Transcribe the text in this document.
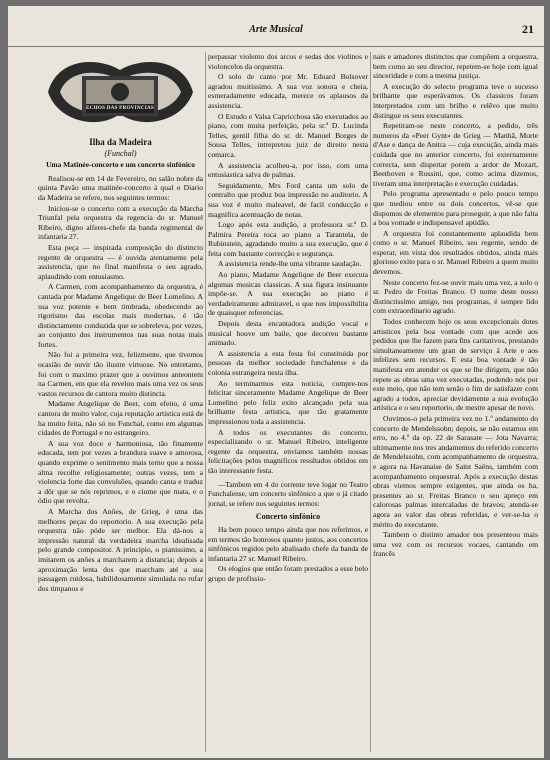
Arte Musical	21
ECHOS DAS PROVINCIAS
Ilha da Madeira
(Funchal)
Uma Matinée-concerto e um concerto sinfónico

Realisou-se em 14 de Fevereiro, no salão nobre da quinta Pavão uma matinée-concerto á qual o Diario da Madeira se refere, nos seguintes termos:

Iniciou-se o concerto com a execução da Marcha Triunfal pela orquestra da regencia do sr. Manuel Ribeiro, digno alferes-chefe da banda regimental de infantaria 27.

Esta peça — inspirada composição do distincto regente de orquestra — é ouvida atentamente pela assistencia, que no final manifesta o seu agrado, aplaudindo com entusiasmo.

A Carmen, com acompanhamento da orquestra, é cantada por Madame Angelique de Beer Lomelino. A sua voz potente e bem timbrada, obedecendo ao rigorismo das escolas mais modernas, é tão distinctamente conduzida que se sobreleva, por vezes, ao conjunto dos instrumentos nas suas notas mais fortes.

Não foi a primeira vez, felizmente, que tivemos ocasião de ouvir tão ilustre virtuose. No entretanto, foi com o maximo prazer que a ouvimos anteontem na Carmen, em que ela revelou mais uma vez os seus vastos recursos de cantora muito distincta.

Madame Angelique de Beer, com efeito, é uma cantora de muito valor, cuja reputação artistica está de ha muito feita, não só no Funchal, como em algumas cidades de Portugal e no estrangeiro.

A sua voz doce e harmoniosa, tão finamente educada, tem por vezes a brandura suave e amorosa, quando exprime o sentimento mais terno que a nossa alma recolhe religiosamente; outras vezes, tem a violencia forte das convulsões, quando canta e traduz a dôr que se nós reprimos, e o ciume que mata, e o ódio que revolta.

A Marcha dos Anões, de Grieg, é uma das melhores peças do reportorio. A sua execução pela orquestra não póde ser melhor. Ela dá-nos a impressão natural da verdadeira marcha idealisada pelo grande compositor. A principio, o pianissimo, a imitarem os anões a marcharem a distancia; depois a aproximação lenta dos que marcham até a sua passagem ruidosa, habilidosamente simulada no rufar dos timpanos e

perpassar violento dos arcos e sedas dos violinos e violoncelos da orquestra.

O solo de canto por Mr. Eduard Bolsover agradou muitissimo. A sua voz sonora e cheia, esmeradamente educada, merece os aplausos da assistencia.

O Estudo e Valsa Capricchosa são executados ao piano, com muita perfeição, pela sr.ª D. Lucinda Telles, gentil filha do sr. dr. Manuel Borges de Sousa Telles, intrepretou juiz de direito nesta comarca.

A assistencia acolheu-a, por isso, com uma entusiastica salva de palmas.

Seguidamente, Mrs Ford canta um solo de contralto que produz boa impressão no auditorio. A sua voz é muito maleavel, de facil conducção e magnifica acentuação de notas.

Logo após esta audição, a professora sr.ª D. Palmira Pereira toca ao piano a Tarantela, de Rubinstein, agradando muito a sua execução, que é feita com bastante correcção e segurança.

A assistencia rende-lhe uma vibrante saudação.

Ao piano, Madame Angelique de Beer executa algumas musicas classicas. A sua figura insinuante impõe-se. A sua execução ao piano é verdadeiramente admiravel, o que nos impossibilita de quaisquer referencias.

Depois desta encantadora audição vocal e musical houve um baile, que decorreu bastante animado.

A assistencia a esta festa foi constituida por pessoas da melhor sociedade funchalense e da colonia estrangeira nesta ilha.

Ao terminarmos esta noticia, cumpre-nos felicitar sinceramente Madame Angelique de Beer Lomelino pelo feliz exito alcançado pela sua brilhante festa artistica, que tão gratamente impressionou toda a assistencia.

A todos os executantes do concerto, especialisando o sr. Manuel Ribeiro, inteligente regente da orquestra, envíamos também nossas felicitações pelos magnificos resultados obtidos em tão interessante festa.

—Tambem em 4 do corrente teve logar no Teatro Funchalense, um concerto sinfónico a que o já citado jornal, se refere nos seguintes termos:

Concerto sinfónico

Ha bem pouco tempo ainda que nos referimos, e em termos tão honrosos quanto justos, aos concertos sinfónicos regidos pelo abalisado chefe da banda de infantaria 27 sr. Manuel Ribeiro.

Os elogios que então foram prestados a esse belo grupo de profissio-

nais e amadores distinctos que compõem a orquestra, bem como ao seu director, repetem-se hoje com igual sinceridade e com a mesma justiça.

A execução do selecto programa teve o sucesso brilhante que esperávamos. Os classicos foram interpretados com um brilho e relêvo que muito distingue os seus executantes.

Repetiram-se neste concerto, a pedido, três numeros da «Peer Gynt» de Grieg — Manhã, Morte d'Ase e dança de Anitra — cuja execução, ainda mais cuidada que no anterior concerto, foi externamente correcta, sem dispertar porem a ardor de Mozart, Beethoven e Rossini, que, como acima dizemos, tiveram uma interpretação e execução cuidadas.

Pelo programa apresentado e pelo pouco tempo que mediou entre os dois concertos, vê-se que dispomos de elementos para proseguir, a que não falta a boa vontade e indispensavel aptidão.

A orquestra foi constantemente aplaudida bem como o sr. Manuel Ribeiro, seu regente, sendo de esperar, em vista dos resultados obtidos, ainda mais glorioso exito para o sr. Manuel Ribeiro a quem muito devemos.

Neste concerto fez-se ouvir mais uma vez, a solo o sr. Pedro de Freitas Branco. O nome deste nosso distinctissimo amigo, nos programas, é sempre lido com extraordinario agrado.

Todos conhecem hoje os seus excepcionais dotes artisticos pela boa vontade com que acede aos pedidos que lhe fazem para fins caritativos, prestando simultaneamente um gran de serviço á Arte e aos infelizes sem recursos. E esta boa vontade é tão manifesta em atender os que se lhe dirigem, que não repete as obras uma vez executadas, podendo nós por este meio, que não tem senão o fim de satisfazer com agrado a todos, apreciar devidamente a sua evolução artistica e o seu reportorio, de mestre apesar de novo.

Ouvimos-o pela primeira vez no 1.º andamento do concerto de Mendelssohn; depois, se não estamos em erro, no 4.º da op. 22 de Sarasate — Jota Navarra; ultimamente nos tres andamentos do referido concerto de Mendelssohn, com acompanhamento de orquestra, e agora na Havanaise de Saint Saëns, também com acompanhamento orquestral. Após a execução destas obras viemos sempre exigentes, que ainda os ha, presentes ao sr. Freitas Branco o seu apreço em calorosas palmas intercaladas de bravos; atenda-se agora ao valor das obras referidas, e ver-se-ha o mérito do executante.

Tambem o distinto amador nos presenteou mais uma vez com os recursos vocaes, cantando em francês
